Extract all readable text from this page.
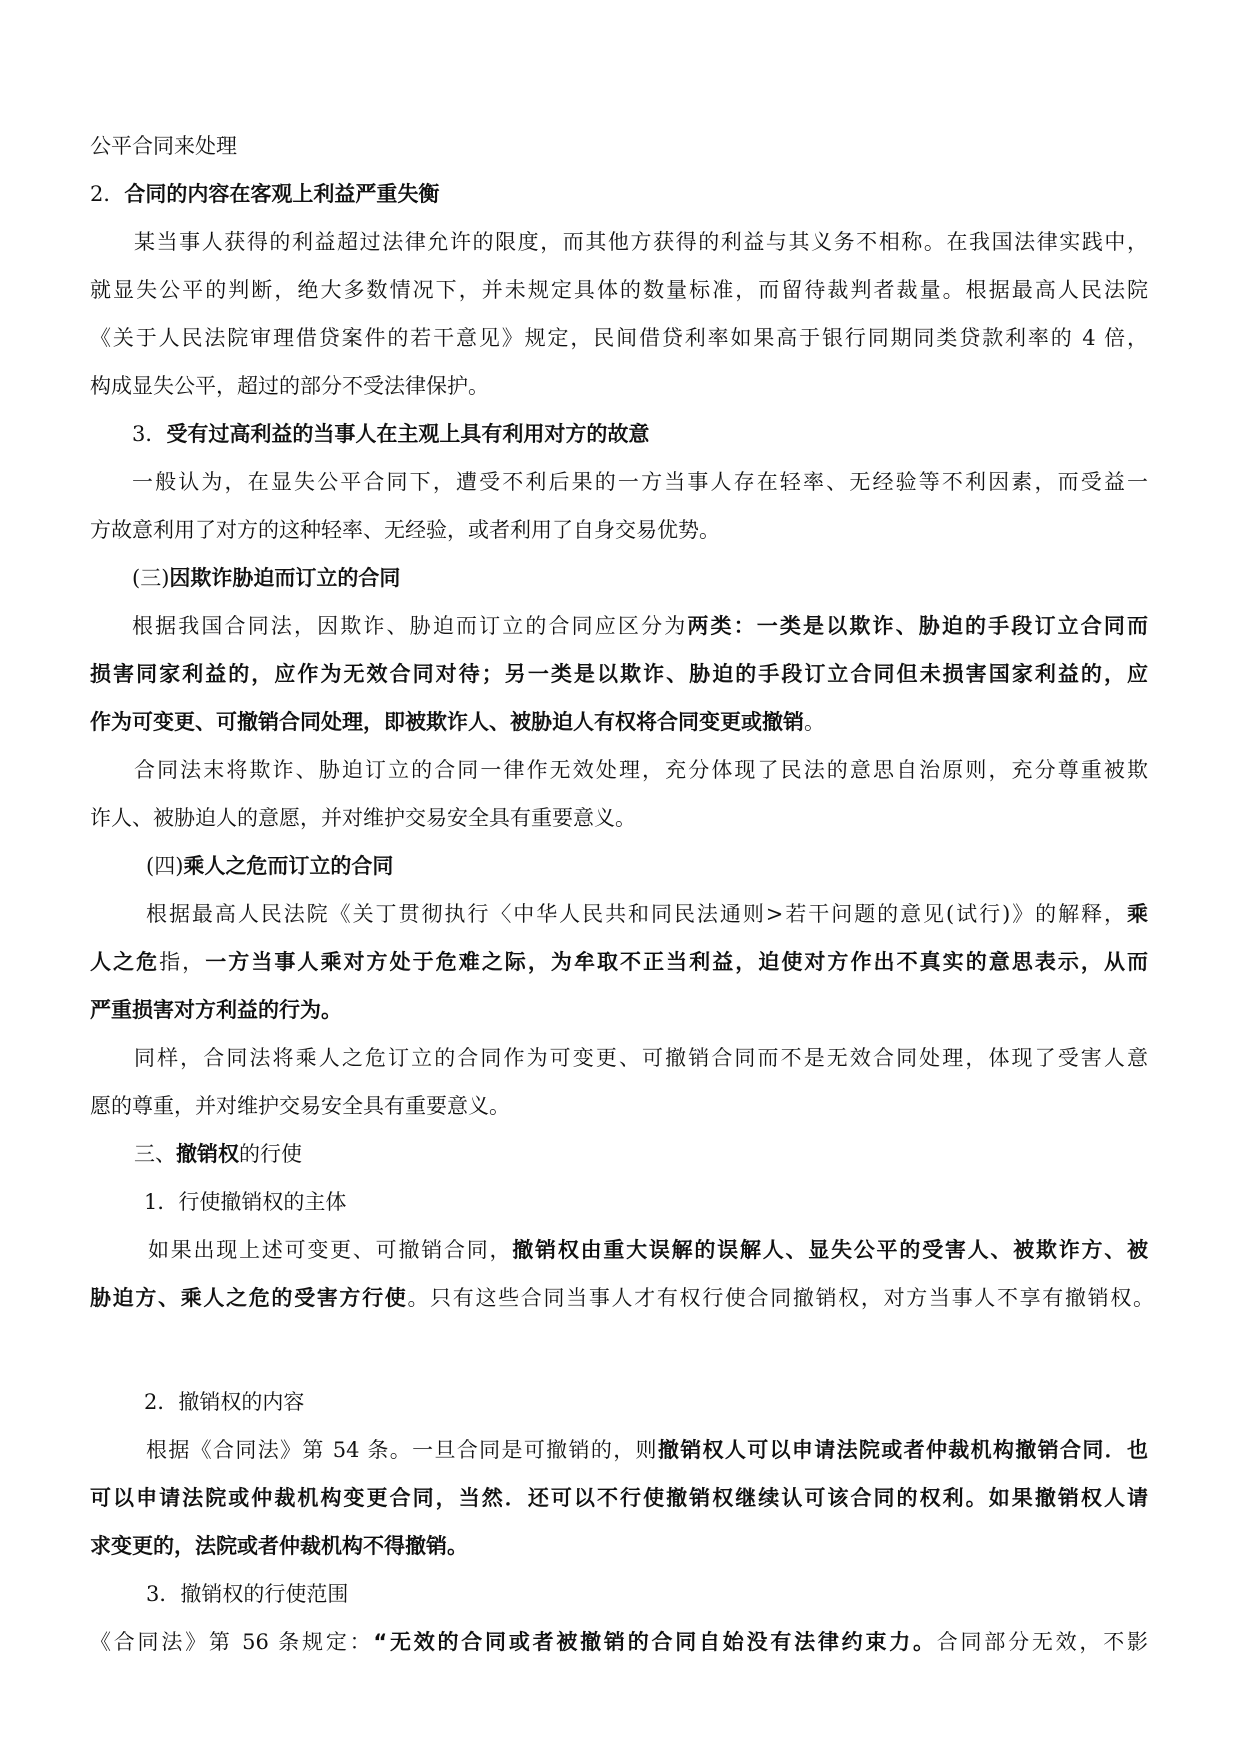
公平合同来处理
2．合同的内容在客观上利益严重失衡
某当事人获得的利益超过法律允许的限度，而其他方获得的利益与其义务不相称。在我国法律实践中，
就显失公平的判断，绝大多数情况下，并未规定具体的数量标准，而留待裁判者裁量。根据最高人民法院
《关于人民法院审理借贷案件的若干意见》规定，民间借贷利率如果高于银行同期同类贷款利率的 4 倍，
构成显失公平，超过的部分不受法律保护。
3．受有过高利益的当事人在主观上具有利用对方的故意
一般认为，在显失公平合同下，遭受不利后果的一方当事人存在轻率、无经验等不利因素，而受益一
方故意利用了对方的这种轻率、无经验，或者利用了自身交易优势。
(三)因欺诈胁迫而订立的合同
根据我国合同法，因欺诈、胁迫而订立的合同应区分为两类：一类是以欺诈、胁迫的手段订立合同而
损害同家利益的，应作为无效合同对待；另一类是以欺诈、胁迫的手段订立合同但未损害国家利益的，应
作为可变更、可撤销合同处理，即被欺诈人、被胁迫人有权将合同变更或撤销。
合同法末将欺诈、胁迫订立的合同一律作无效处理，充分体现了民法的意思自治原则，充分尊重被欺
诈人、被胁迫人的意愿，并对维护交易安全具有重要意义。
(四)乘人之危而订立的合同
根据最高人民法院《关丁贯彻执行〈中华人民共和同民法通则>若干问题的意见(试行)》的解释，乘
人之危指，一方当事人乘对方处于危难之际，为牟取不正当利益，迫使对方作出不真实的意思表示，从而
严重损害对方利益的行为。
同样，合同法将乘人之危订立的合同作为可变更、可撤销合同而不是无效合同处理，体现了受害人意
愿的尊重，并对维护交易安全具有重要意义。
三、撤销权的行使
1．行使撤销权的主体
如果出现上述可变更、可撤销合同，撤销权由重大误解的误解人、显失公平的受害人、被欺诈方、被
胁迫方、乘人之危的受害方行使。只有这些合同当事人才有权行使合同撤销权，对方当事人不享有撤销权。
2．撤销权的内容
根据《合同法》第 54 条。一旦合同是可撤销的，则撤销权人可以申请法院或者仲裁机构撤销合同．也
可以申请法院或仲裁机构变更合同，当然．还可以不行使撤销权继续认可该合同的权利。如果撤销权人请
求变更的，法院或者仲裁机构不得撤销。
3．撤销权的行使范围
《合同法》第 56 条规定：“无效的合同或者被撤销的合同自始没有法律约束力。合同部分无效，不影
